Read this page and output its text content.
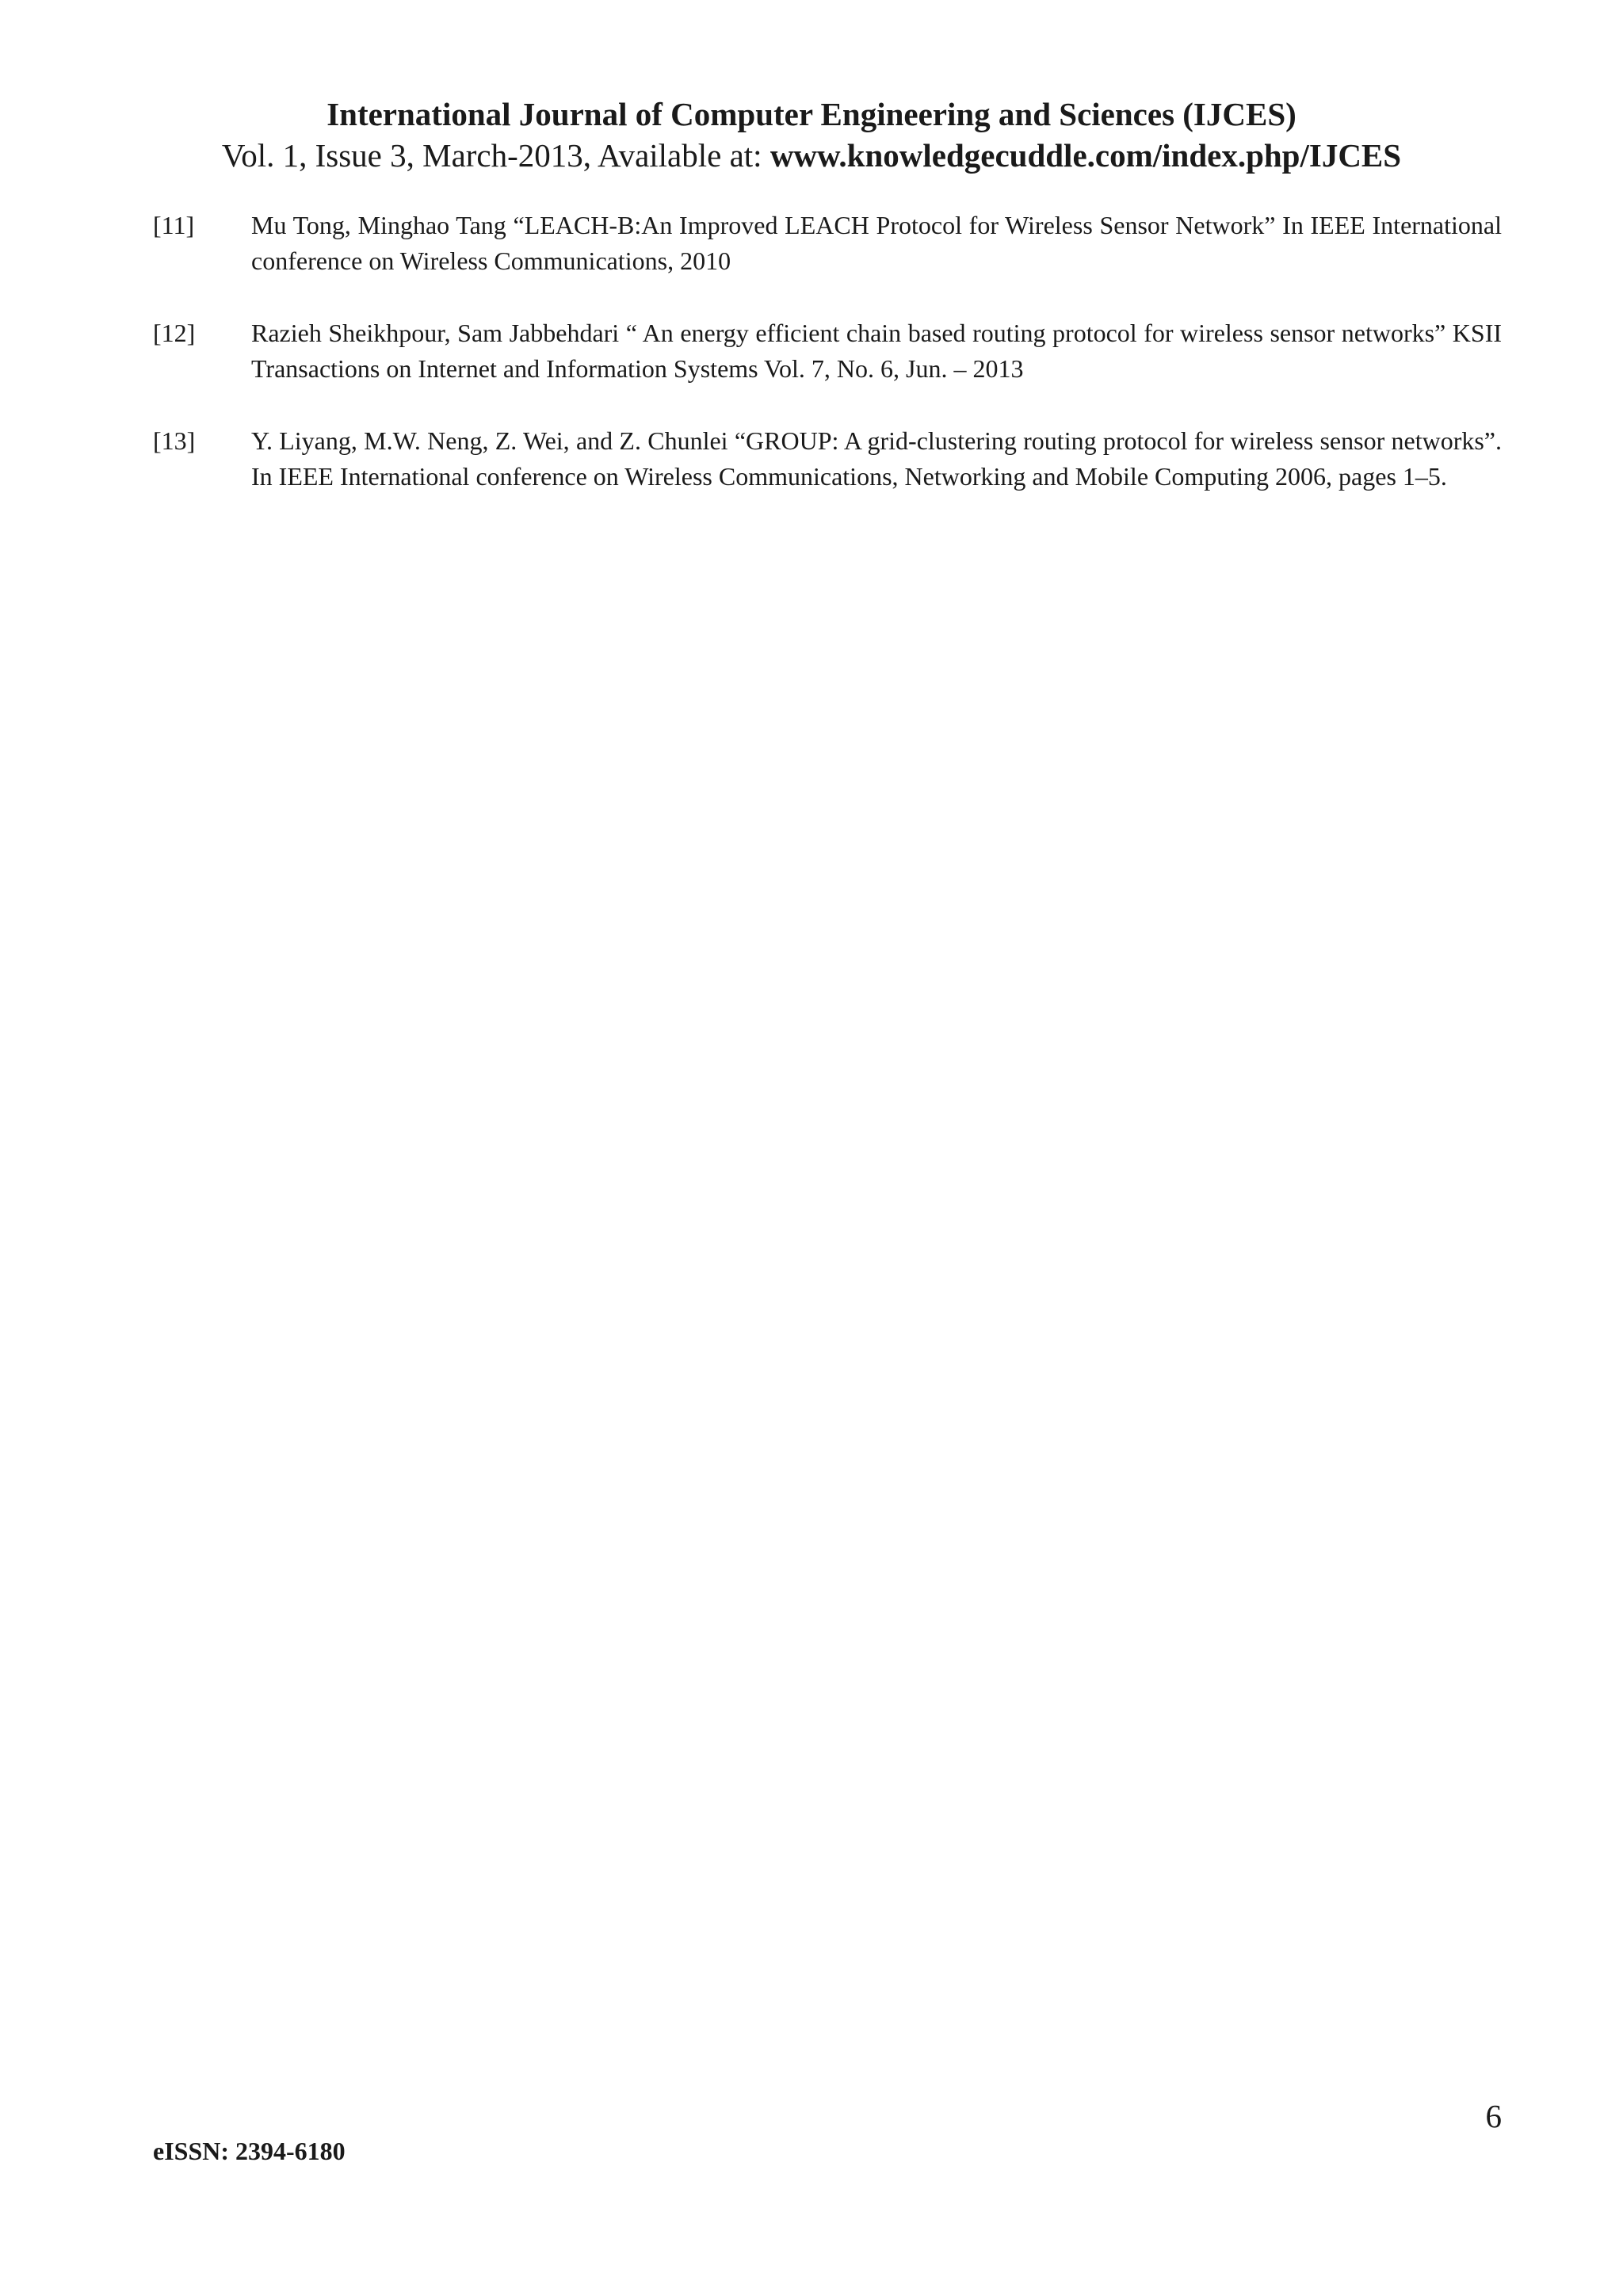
International Journal of Computer Engineering and Sciences (IJCES)
Vol. 1, Issue 3, March-2013, Available at: www.knowledgecuddle.com/index.php/IJCES
[11]	Mu Tong, Minghao Tang “LEACH-B:An Improved LEACH Protocol for Wireless Sensor Network” In IEEE International conference on Wireless Communications, 2010
[12]	Razieh Sheikhpour, Sam Jabbehdari “ An energy efficient chain based routing protocol for wireless sensor networks” KSII Transactions on Internet and Information Systems Vol. 7, No. 6, Jun. – 2013
[13]	Y. Liyang, M.W. Neng, Z. Wei, and Z. Chunlei “GROUP: A grid-clustering routing protocol for wireless sensor networks”. In IEEE International conference on Wireless Communications, Networking and Mobile Computing 2006, pages 1–5.
6
eISSN: 2394-6180
